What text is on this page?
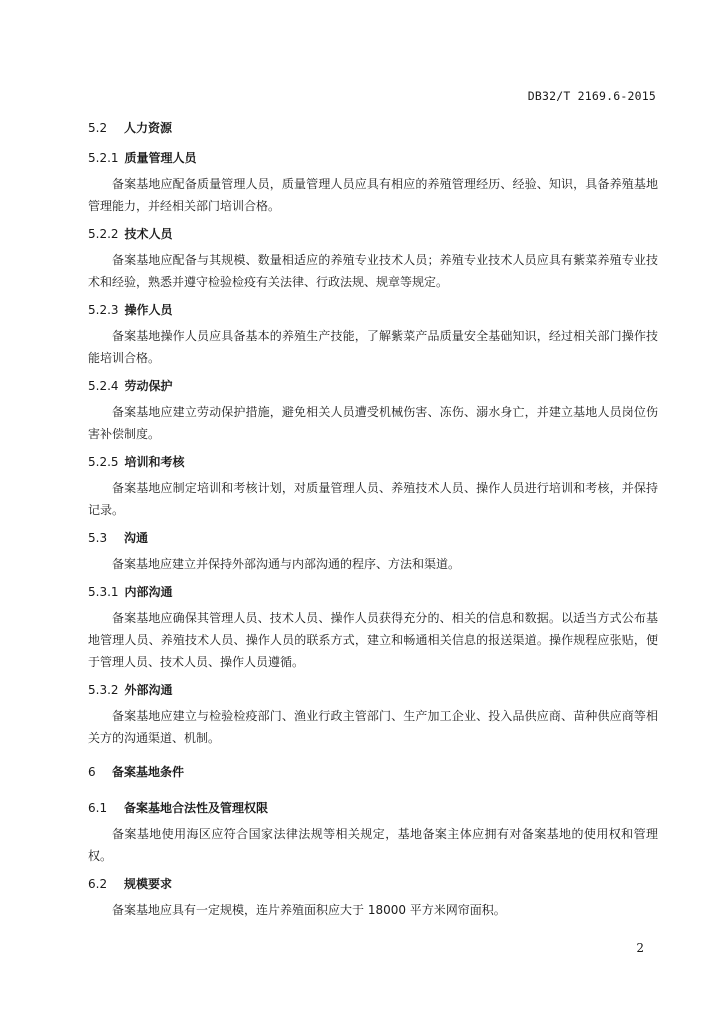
DB32/T 2169.6-2015
5.2 人力资源
5.2.1 质量管理人员

备案基地应配备质量管理人员，质量管理人员应具有相应的养殖管理经历、经验、知识，具备养殖基地管理能力，并经相关部门培训合格。

5.2.2 技术人员

备案基地应配备与其规模、数量相适应的养殖专业技术人员；养殖专业技术人员应具有紫菜养殖专业技术和经验，熟悉并遵守检验检疫有关法律、行政法规、规章等规定。

5.2.3 操作人员

备案基地操作人员应具备基本的养殖生产技能，了解紫菜产品质量安全基础知识，经过相关部门操作技能培训合格。

5.2.4 劳动保护

备案基地应建立劳动保护措施，避免相关人员遭受机械伤害、冻伤、溺水身亡，并建立基地人员岗位伤害补偿制度。

5.2.5 培训和考核

备案基地应制定培训和考核计划，对质量管理人员、养殖技术人员、操作人员进行培训和考核，并保持记录。

5.3 沟通

备案基地应建立并保持外部沟通与内部沟通的程序、方法和渠道。

5.3.1 内部沟通

备案基地应确保其管理人员、技术人员、操作人员获得充分的、相关的信息和数据。以适当方式公布基地管理人员、养殖技术人员、操作人员的联系方式，建立和畅通相关信息的报送渠道。操作规程应张贴，便于管理人员、技术人员、操作人员遵循。

5.3.2 外部沟通

备案基地应建立与检验检疫部门、渔业行政主管部门、生产加工企业、投入品供应商、苗种供应商等相关方的沟通渠道、机制。

6 备案基地条件
6.1 备案基地合法性及管理权限

备案基地使用海区应符合国家法律法规等相关规定，基地备案主体应拥有对备案基地的使用权和管理权。

6.2 规模要求

备案基地应具有一定规模，连片养殖面积应大于 18000 平方米网帘面积。

2
